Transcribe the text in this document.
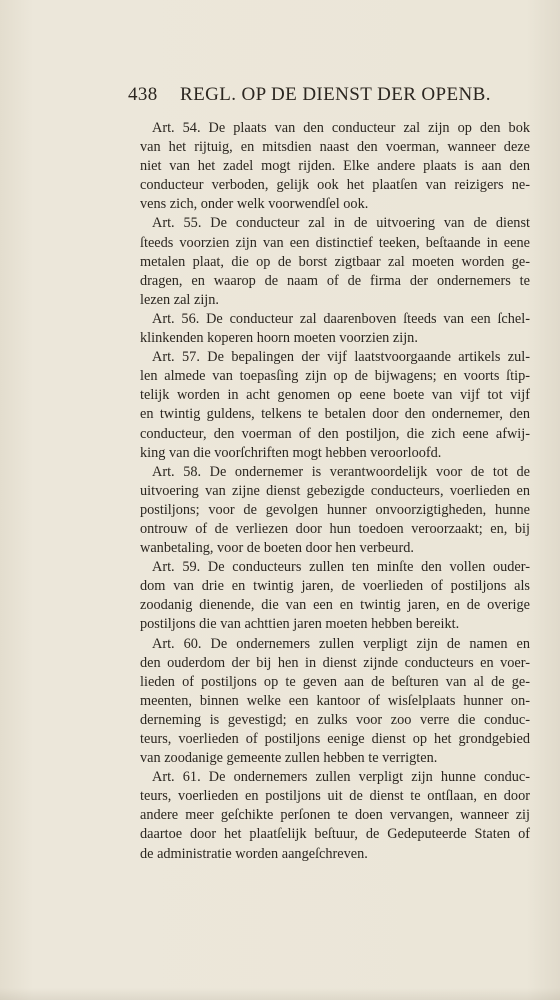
438	REGL. OP DE DIENST DER OPENB.
Art. 54. De plaats van den conducteur zal zijn op den bok
van het rijtuig, en mitsdien naast den voerman, wanneer deze
niet van het zadel mogt rijden. Elke andere plaats is aan den
conducteur verboden, gelijk ook het plaatſen van reizigers ne-
vens zich, onder welk voorwendſel ook.
Art. 55. De conducteur zal in de uitvoering van de dienst
ſteeds voorzien zijn van een distinctief teeken, beſtaande in eene
metalen plaat, die op de borst zigtbaar zal moeten worden ge-
dragen, en waarop de naam of de firma der ondernemers te
lezen zal zijn.
Art. 56. De conducteur zal daarenboven ſteeds van een ſchel-
klinkenden koperen hoorn moeten voorzien zijn.
Art. 57. De bepalingen der vijf laatstvoorgaande artikels zul-
len almede van toepasſing zijn op de bijwagens; en voorts ſtip-
telijk worden in acht genomen op eene boete van vijf tot vijf
en twintig guldens, telkens te betalen door den ondernemer, den
conducteur, den voerman of den postiljon, die zich eene afwij-
king van die voorſchriften mogt hebben veroorloofd.
Art. 58. De ondernemer is verantwoordelijk voor de tot de
uitvoering van zijne dienst gebezigde conducteurs, voerlieden en
postiljons; voor de gevolgen hunner onvoorzigtigheden, hunne
ontrouw of de verliezen door hun toedoen veroorzaakt; en, bij
wanbetaling, voor de boeten door hen verbeurd.
Art. 59. De conducteurs zullen ten minſte den vollen ouder-
dom van drie en twintig jaren, de voerlieden of postiljons als
zoodanig dienende, die van een en twintig jaren, en de overige
postiljons die van achttien jaren moeten hebben bereikt.
Art. 60. De ondernemers zullen verpligt zijn de namen en
den ouderdom der bij hen in dienst zijnde conducteurs en voer-
lieden of postiljons op te geven aan de beſturen van al de ge-
meenten, binnen welke een kantoor of wisſelplaats hunner on-
derneming is gevestigd; en zulks voor zoo verre die conduc-
teurs, voerlieden of postiljons eenige dienst op het grondgebied
van zoodanige gemeente zullen hebben te verrigten.
Art. 61. De ondernemers zullen verpligt zijn hunne conduc-
teurs, voerlieden en postiljons uit de dienst te ontſlaan, en door
andere meer geſchikte perſonen te doen vervangen, wanneer zij
daartoe door het plaatſelijk beſtuur, de Gedeputeerde Staten of
de administratie worden aangeſchreven.
